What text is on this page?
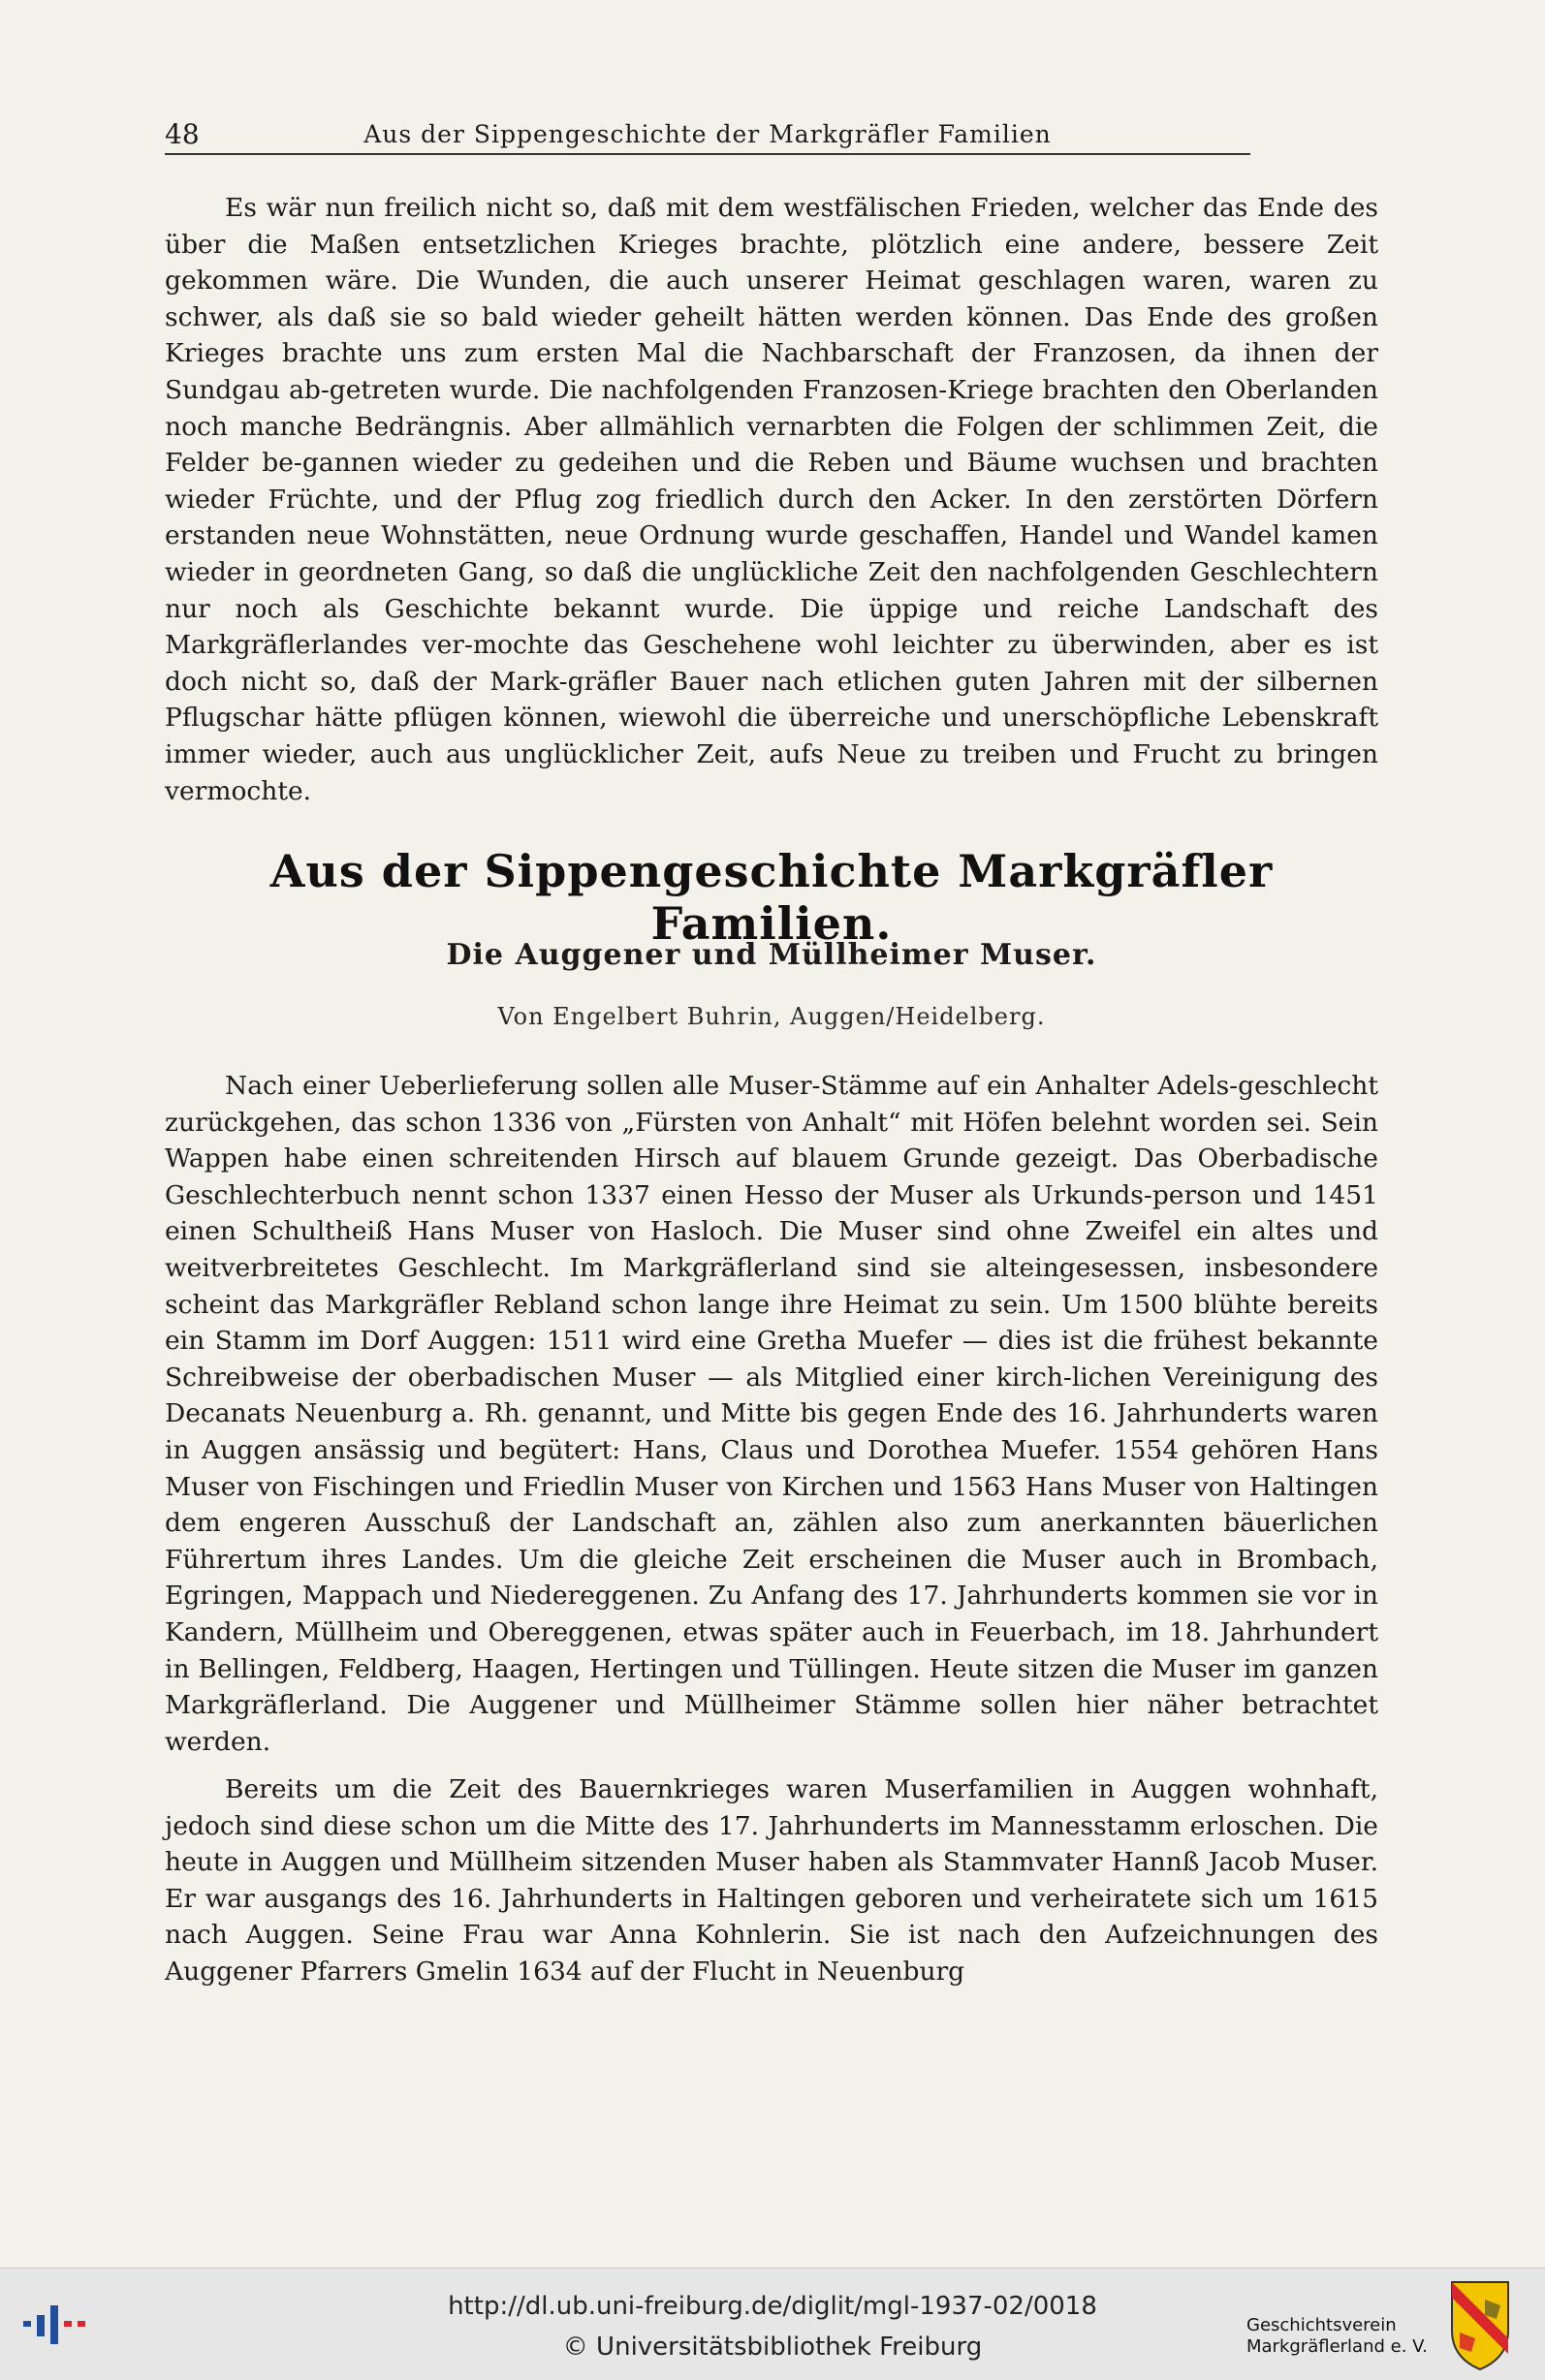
48	Aus der Sippengeschichte der Markgräfler Familien

Es wär nun freilich nicht so, daß mit dem westfälischen Frieden, welcher das Ende des über die Maßen entsetzlichen Krieges brachte, plötzlich eine andere, bessere Zeit gekommen wäre. Die Wunden, die auch unserer Heimat geschlagen waren, waren zu schwer, als daß sie so bald wieder geheilt hätten werden können. Das Ende des großen Krieges brachte uns zum ersten Mal die Nachbarschaft der Franzosen, da ihnen der Sundgau ab-getreten wurde. Die nachfolgenden Franzosen-Kriege brachten den Oberlanden noch manche Bedrängnis. Aber allmählich vernarbten die Folgen der schlimmen Zeit, die Felder be-gannen wieder zu gedeihen und die Reben und Bäume wuchsen und brachten wieder Früchte, und der Pflug zog friedlich durch den Acker. In den zerstörten Dörfern erstanden neue Wohnstätten, neue Ordnung wurde geschaffen, Handel und Wandel kamen wieder in geordneten Gang, so daß die unglückliche Zeit den nachfolgenden Geschlechtern nur noch als Geschichte bekannt wurde. Die üppige und reiche Landschaft des Markgräflerlandes ver-mochte das Geschehene wohl leichter zu überwinden, aber es ist doch nicht so, daß der Mark-gräfler Bauer nach etlichen guten Jahren mit der silbernen Pflugschar hätte pflügen können, wiewohl die überreiche und unerschöpfliche Lebenskraft immer wieder, auch aus unglücklicher Zeit, aufs Neue zu treiben und Frucht zu bringen vermochte.

Aus der Sippengeschichte Markgräfler Familien.
Die Auggener und Müllheimer Muser.
Von Engelbert Buhrin, Auggen/Heidelberg.

Nach einer Ueberlieferung sollen alle Muser-Stämme auf ein Anhalter Adels-geschlecht zurückgehen, das schon 1336 von „Fürsten von Anhalt“ mit Höfen belehnt worden sei. Sein Wappen habe einen schreitenden Hirsch auf blauem Grunde gezeigt. Das Oberbadische Geschlechterbuch nennt schon 1337 einen Hesso der Muser als Urkunds-person und 1451 einen Schultheiß Hans Muser von Hasloch. Die Muser sind ohne Zweifel ein altes und weitverbreitetes Geschlecht. Im Markgräflerland sind sie alteingesessen, insbesondere scheint das Markgräfler Rebland schon lange ihre Heimat zu sein. Um 1500 blühte bereits ein Stamm im Dorf Auggen: 1511 wird eine Gretha Muefer — dies ist die frühest bekannte Schreibweise der oberbadischen Muser — als Mitglied einer kirch-lichen Vereinigung des Decanats Neuenburg a. Rh. genannt, und Mitte bis gegen Ende des 16. Jahrhunderts waren in Auggen ansässig und begütert: Hans, Claus und Dorothea Muefer. 1554 gehören Hans Muser von Fischingen und Friedlin Muser von Kirchen und 1563 Hans Muser von Haltingen dem engeren Ausschuß der Landschaft an, zählen also zum anerkannten bäuerlichen Führertum ihres Landes. Um die gleiche Zeit erscheinen die Muser auch in Brombach, Egringen, Mappach und Niedereggenen. Zu Anfang des 17. Jahrhunderts kommen sie vor in Kandern, Müllheim und Obereggenen, etwas später auch in Feuerbach, im 18. Jahrhundert in Bellingen, Feldberg, Haagen, Hertingen und Tüllingen. Heute sitzen die Muser im ganzen Markgräflerland. Die Auggener und Müllheimer Stämme sollen hier näher betrachtet werden.

Bereits um die Zeit des Bauernkrieges waren Muserfamilien in Auggen wohnhaft, jedoch sind diese schon um die Mitte des 17. Jahrhunderts im Mannesstamm erloschen. Die heute in Auggen und Müllheim sitzenden Muser haben als Stammvater Hannß Jacob Muser. Er war ausgangs des 16. Jahrhunderts in Haltingen geboren und verheiratete sich um 1615 nach Auggen. Seine Frau war Anna Kohnlerin. Sie ist nach den Aufzeichnungen des Auggener Pfarrers Gmelin 1634 auf der Flucht in Neuenburg

http://dl.ub.uni-freiburg.de/diglit/mgl-1937-02/0018
© Universitätsbibliothek Freiburg
Geschichtsverein
Markgräflerland e. V.
